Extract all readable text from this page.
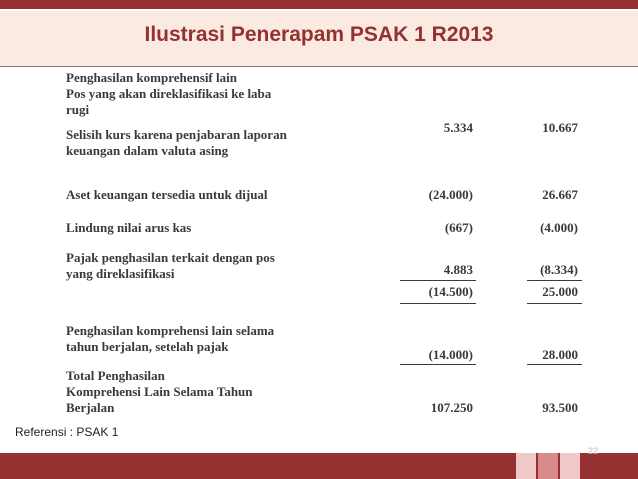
Ilustrasi Penerapam PSAK 1 R2013
Penghasilan komprehensif lain
Pos yang akan direklasifikasi ke laba
rugi
Selisih kurs karena penjabaran laporan
keuangan dalam valuta asing
5.334	10.667
Aset keuangan tersedia untuk dijual	(24.000)	26.667
Lindung nilai arus kas	(667)	(4.000)
Pajak penghasilan terkait dengan pos
yang direklasifikasi	4.883	(8.334)
(14.500)	25.000
Penghasilan komprehensi lain selama
tahun berjalan, setelah pajak
(14.000)	28.000
Total Penghasilan
Komprehensi Lain Selama Tahun
Berjalan	107.250	93.500
Referensi : PSAK 1
22
